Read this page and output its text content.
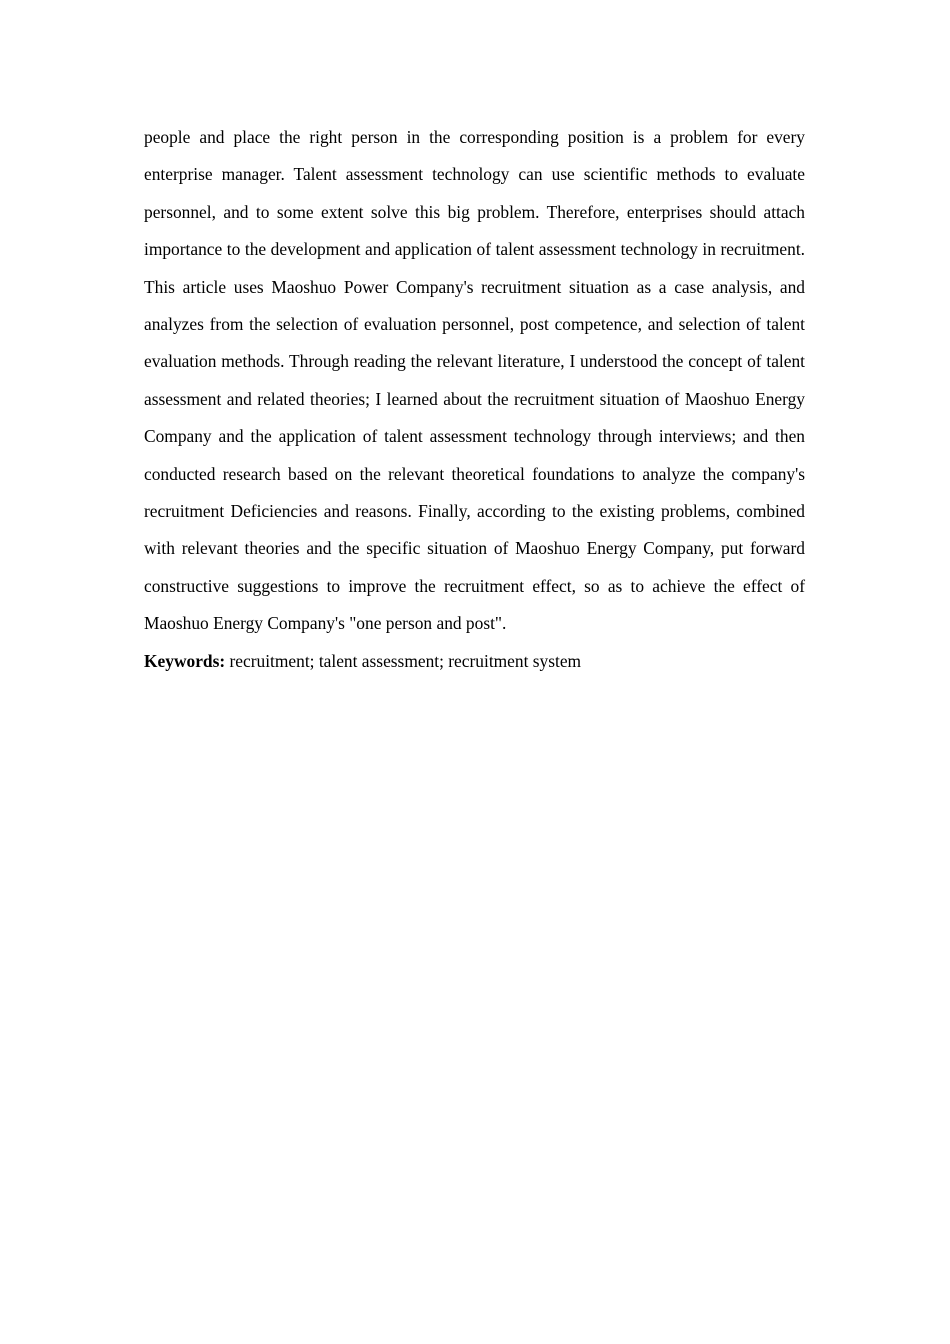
people and place the right person in the corresponding position is a problem for every enterprise manager. Talent assessment technology can use scientific methods to evaluate personnel, and to some extent solve this big problem. Therefore, enterprises should attach importance to the development and application of talent assessment technology in recruitment. This article uses Maoshuo Power Company's recruitment situation as a case analysis, and analyzes from the selection of evaluation personnel, post competence, and selection of talent evaluation methods. Through reading the relevant literature, I understood the concept of talent assessment and related theories; I learned about the recruitment situation of Maoshuo Energy Company and the application of talent assessment technology through interviews; and then conducted research based on the relevant theoretical foundations to analyze the company's recruitment Deficiencies and reasons. Finally, according to the existing problems, combined with relevant theories and the specific situation of Maoshuo Energy Company, put forward constructive suggestions to improve the recruitment effect, so as to achieve the effect of Maoshuo Energy Company's "one person and post".

Keywords: recruitment; talent assessment; recruitment system
